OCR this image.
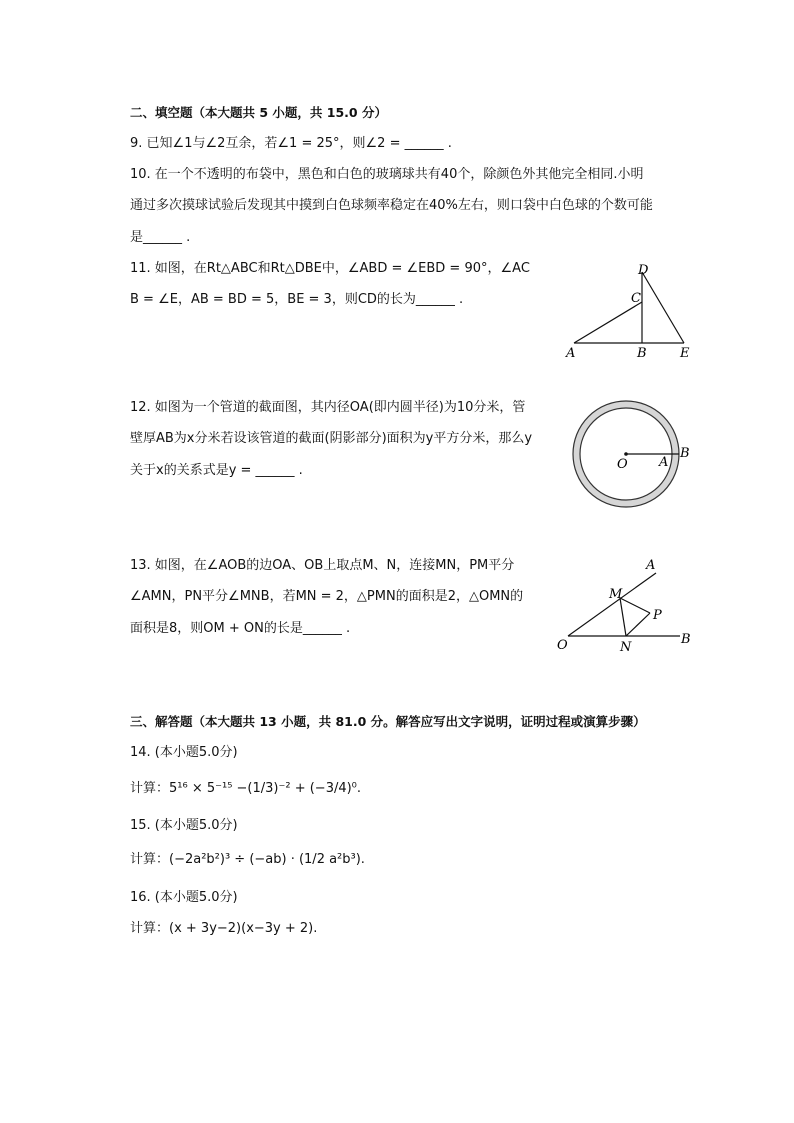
二、填空题（本大题共 5 小题，共 15.0 分）
9. 已知∠1与∠2互余，若∠1 = 25°，则∠2 = ______ .
10. 在一个不透明的布袋中，黑色和白色的玻璃球共有40个，除颜色外其他完全相同.小明
通过多次摸球试验后发现其中摸到白色球频率稳定在40%左右，则口袋中白色球的个数可能
是______ .
11. 如图，在Rt△ABC和Rt△DBE中，∠ABD = ∠EBD = 90°，∠AC
B = ∠E，AB = BD = 5，BE = 3，则CD的长为______ .
A	B
C
D
E
12. 如图为一个管道的截面图，其内径OA(即内圆半径)为10分米，管
壁厚AB为x分米若设该管道的截面(阴影部分)面积为y平方分米，那么y
关于x的关系式是y = ______ .	O A
B
13. 如图，在∠AOB的边OA、OB上取点M、N，连接MN，PM平分
∠AMN，PN平分∠MNB，若MN = 2，△PMN的面积是2，△OMN的
面积是8，则OM + ON的长是______ .
A
B
O
M
N
P
三、解答题（本大题共 13 小题，共 81.0 分。解答应写出文字说明，证明过程或演算步骤）
14. (本小题5.0分)
计算：5¹⁶ × 5⁻¹⁵ −(1/3)⁻² + (−3/4)⁰.
15. (本小题5.0分)
计算：(−2a²b²)³ ÷ (−ab) · (1/2 a²b³).
16. (本小题5.0分)
计算：(x + 3y−2)(x−3y + 2).
